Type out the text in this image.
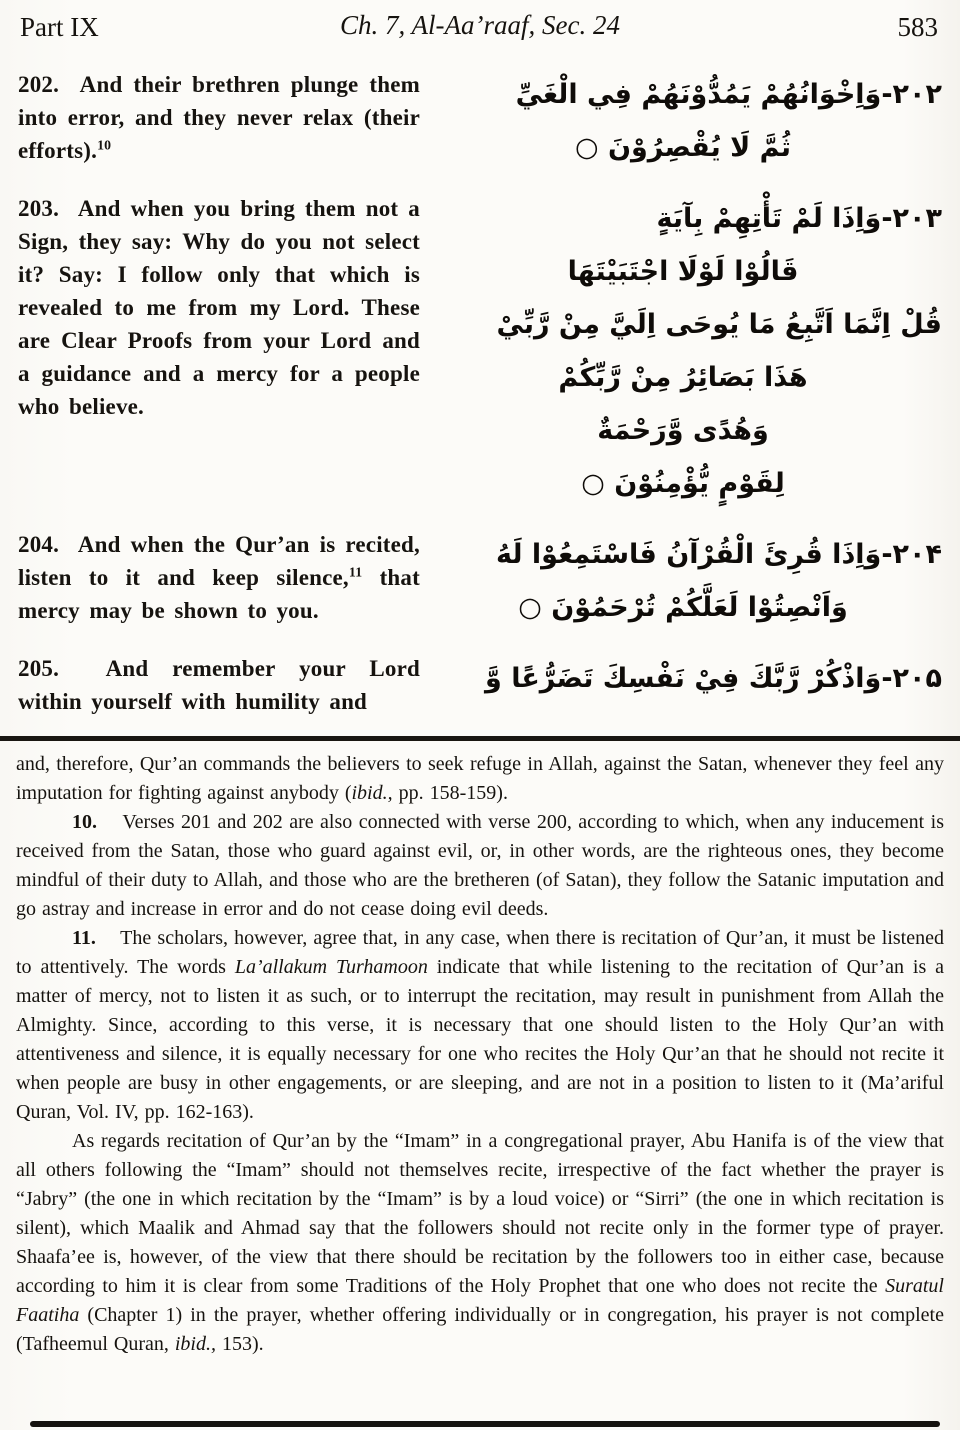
Part IX	Ch. 7, Al-Aa’raaf, Sec. 24	583
202.  And their brethren plunge them into error, and they never relax (their efforts).$^{10}$
۲۰۲-وَاِخْوَانُهُمْ يَمُدُّوْنَهُمْ فِي الْغَيِّ
ثُمَّ لَا يُقْصِرُوْنَ ○
203.  And when you bring them not a Sign, they say: Why do you not select it? Say: I follow only that which is revealed to me from my Lord. These are Clear Proofs from your Lord and a guidance and a mercy for a people who believe.
۲۰۳-وَاِذَا لَمْ تَأْتِهِمْ بِآيَةٍ
قَالُوْا لَوْلَا اجْتَبَيْتَهَا
قُلْ اِنَّمَا اَتَّبِعُ مَا يُوحَى اِلَيَّ مِنْ رَّبِّيْ
هَذَا بَصَائِرُ مِنْ رَّبِّكُمْ
وَهُدًى وَّرَحْمَةٌ
لِقَوْمٍ يُّؤْمِنُوْنَ ○
204.  And when the Qur’an is recited, listen to it and keep silence,$^{11}$ that mercy may be shown to you.
۲۰۴-وَاِذَا قُرِئَ الْقُرْآنُ فَاسْتَمِعُوْا لَهُ
وَاَنْصِتُوْا لَعَلَّكُمْ تُرْحَمُوْنَ ○
205.  And remember your Lord within yourself with humility and
۲۰۵-وَاذْكُرْ رَّبَّكَ فِيْ نَفْسِكَ تَضَرُّعًا وَّ

and, therefore, Qur’an commands the believers to seek refuge in Allah, against the Satan, whenever they feel any imputation for fighting against anybody (ibid., pp. 158-159).

10.    Verses 201 and 202 are also connected with verse 200, according to which, when any inducement is received from the Satan, those who guard against evil, or, in other words, are the righteous ones, they become mindful of their duty to Allah, and those who are the bretheren (of Satan), they follow the Satanic imputation and go astray and increase in error and do not cease doing evil deeds.

11.    The scholars, however, agree that, in any case, when there is recitation of Qur’an, it must be listened to attentively. The words La’allakum Turhamoon indicate that while listening to the recitation of Qur’an is a matter of mercy, not to listen it as such, or to interrupt the recitation, may result in punishment from Allah the Almighty. Since, according to this verse, it is necessary that one should listen to the Holy Qur’an with attentiveness and silence, it is equally necessary for one who recites the Holy Qur’an that he should not recite it when people are busy in other engagements, or are sleeping, and are not in a position to listen to it (Ma’ariful Quran, Vol. IV, pp. 162-163).

As regards recitation of Qur’an by the “Imam” in a congregational prayer, Abu Hanifa is of the view that all others following the “Imam” should not themselves recite, irrespective of the fact whether the prayer is “Jabry” (the one in which recitation by the “Imam” is by a loud voice) or “Sirri” (the one in which recitation is silent), which Maalik and Ahmad say that the followers should not recite only in the former type of prayer. Shaafa’ee is, however, of the view that there should be recitation by the followers too in either case, because according to him it is clear from some Traditions of the Holy Prophet that one who does not recite the Suratul Faatiha (Chapter 1) in the prayer, whether offering individually or in congregation, his prayer is not complete (Tafheemul Quran, ibid., 153).
